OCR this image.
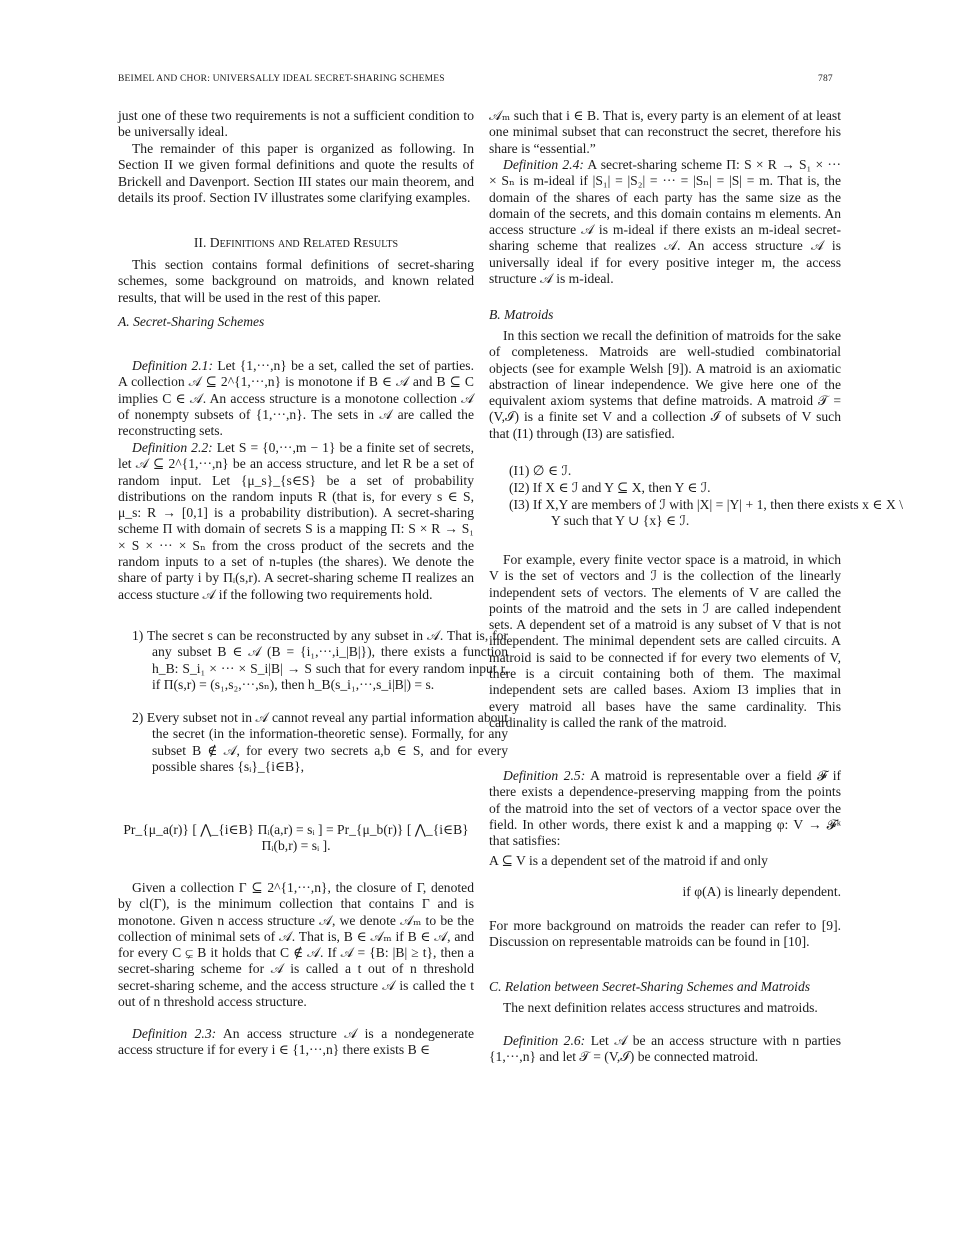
BEIMEL AND CHOR: UNIVERSALLY IDEAL SECRET-SHARING SCHEMES	787
just one of these two requirements is not a sufficient condition to be universally ideal.
The remainder of this paper is organized as following. In Section II we given formal definitions and quote the results of Brickell and Davenport. Section III states our main theorem, and details its proof. Section IV illustrates some clarifying examples.
II. Definitions and Related Results
This section contains formal definitions of secret-sharing schemes, some background on matroids, and known related results, that will be used in the rest of this paper.
A. Secret-Sharing Schemes
Definition 2.1: Let {1,···,n} be a set, called the set of parties. A collection 𝒜 ⊆ 2^{1,···,n} is monotone if B ∈ 𝒜 and B ⊆ C implies C ∈ 𝒜. An access structure is a monotone collection 𝒜 of nonempty subsets of {1,···,n}. The sets in 𝒜 are called the reconstructing sets.
Definition 2.2: Let S = {0,···,m − 1} be a finite set of secrets, let 𝒜 ⊆ 2^{1,···,n} be an access structure, and let R be a set of random input. Let {μ_s}_{s∈S} be a set of probability distributions on the random inputs R (that is, for every s ∈ S, μ_s: R → [0,1] is a probability distribution). A secret-sharing scheme Π with domain of secrets S is a mapping Π: S × R → S₁ × S × ··· × Sₙ from the cross product of the secrets and the random inputs to a set of n-tuples (the shares). We denote the share of party i by Πᵢ(s,r). A secret-sharing scheme Π realizes an access stucture 𝒜 if the following two requirements hold.
1) The secret s can be reconstructed by any subset in 𝒜. That is, for any subset B ∈ 𝒜 (B = {i₁,···,i_|B|}), there exists a function h_B: S_i₁ × ··· × S_i|B| → S such that for every random input r, if Π(s,r) = (s₁,s₂,···,sₙ), then h_B(s_i₁,···,s_i|B|) = s.
2) Every subset not in 𝒜 cannot reveal any partial information about the secret (in the information-theoretic sense). Formally, for any subset B ∉ 𝒜, for every two secrets a,b ∈ S, and for every possible shares {sᵢ}_{i∈B},
Pr_{μ_a(r)} [ ⋀_{i∈B} Πᵢ(a,r) = sᵢ ] = Pr_{μ_b(r)} [ ⋀_{i∈B} Πᵢ(b,r) = sᵢ ].
Given a collection Γ ⊆ 2^{1,···,n}, the closure of Γ, denoted by cl(Γ), is the minimum collection that contains Γ and is monotone. Given n access structure 𝒜, we denote 𝒜ₘ to be the collection of minimal sets of 𝒜. That is, B ∈ 𝒜ₘ if B ∈ 𝒜, and for every C ⊊ B it holds that C ∉ 𝒜. If 𝒜 = {B: |B| ≥ t}, then a secret-sharing scheme for 𝒜 is called a t out of n threshold secret-sharing scheme, and the access structure 𝒜 is called the t out of n threshold access structure.
Definition 2.3: An access structure 𝒜 is a nondegenerate access structure if for every i ∈ {1,···,n} there exists B ∈
𝒜ₘ such that i ∈ B. That is, every party is an element of at least one minimal subset that can reconstruct the secret, therefore his share is “essential.”
Definition 2.4: A secret-sharing scheme Π: S × R → S₁ × ··· × Sₙ is m-ideal if |S₁| = |S₂| = ··· = |Sₙ| = |S| = m. That is, the domain of the shares of each party has the same size as the domain of the secrets, and this domain contains m elements. An access structure 𝒜 is m-ideal if there exists an m-ideal secret-sharing scheme that realizes 𝒜. An access structure 𝒜 is universally ideal if for every positive integer m, the access structure 𝒜 is m-ideal.
B. Matroids
In this section we recall the definition of matroids for the sake of completeness. Matroids are well-studied combinatorial objects (see for example Welsh [9]). A matroid is an axiomatic abstraction of linear independence. We give here one of the equivalent axiom systems that define matroids. A matroid 𝒯 = (V,ℐ) is a finite set V and a collection ℐ of subsets of V such that (I1) through (I3) are satisfied.
(I1) ∅ ∈ ℐ.
(I2) If X ∈ ℐ and Y ⊆ X, then Y ∈ ℐ.
(I3) If X,Y are members of ℐ with |X| = |Y| + 1, then there exists x ∈ X \ Y such that Y ∪ {x} ∈ ℐ.
For example, every finite vector space is a matroid, in which V is the set of vectors and ℐ is the collection of the linearly independent sets of vectors. The elements of V are called the points of the matroid and the sets in ℐ are called independent sets. A dependent set of a matroid is any subset of V that is not independent. The minimal dependent sets are called circuits. A matroid is said to be connected if for every two elements of V, there is a circuit containing both of them. The maximal independent sets are called bases. Axiom I3 implies that in every matroid all bases have the same cardinality. This cardinality is called the rank of the matroid.
Definition 2.5: A matroid is representable over a field 𝓕 if there exists a dependence-preserving mapping from the points of the matroid into the set of vectors of a vector space over the field. In other words, there exist k and a mapping φ: V → 𝓕ᵏ that satisfies:
A ⊆ V is a dependent set of the matroid if and only
if φ(A) is linearly dependent.
For more background on matroids the reader can refer to [9]. Discussion on representable matroids can be found in [10].
C. Relation between Secret-Sharing Schemes and Matroids
The next definition relates access structures and matroids.
Definition 2.6: Let 𝒜 be an access structure with n parties {1,···,n} and let 𝒯 = (V,ℐ) be connected matroid.
